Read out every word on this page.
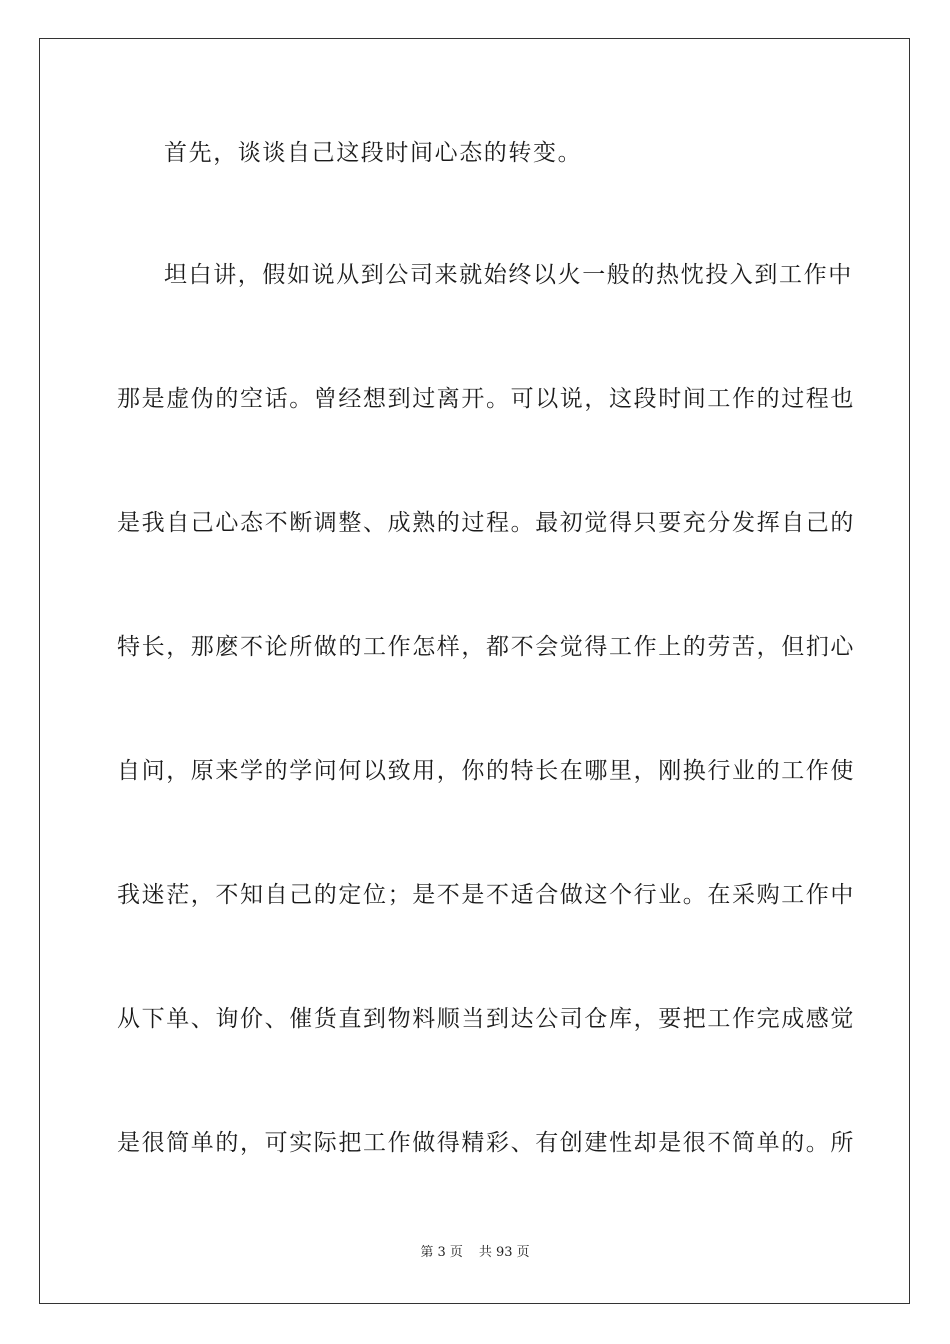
首先，谈谈自己这段时间心态的转变。
坦白讲，假如说从到公司来就始终以火一般的热忱投入到工作中
那是虚伪的空话。曾经想到过离开。可以说，这段时间工作的过程也
是我自己心态不断调整、成熟的过程。最初觉得只要充分发挥自己的
特长，那麽不论所做的工作怎样，都不会觉得工作上的劳苦，但扪心
自问，原来学的学问何以致用，你的特长在哪里，刚换行业的工作使
我迷茫，不知自己的定位；是不是不适合做这个行业。在采购工作中
从下单、询价、催货直到物料顺当到达公司仓库，要把工作完成感觉
是很简单的，可实际把工作做得精彩、有创建性却是很不简单的。所
第 3 页 共 93 页
